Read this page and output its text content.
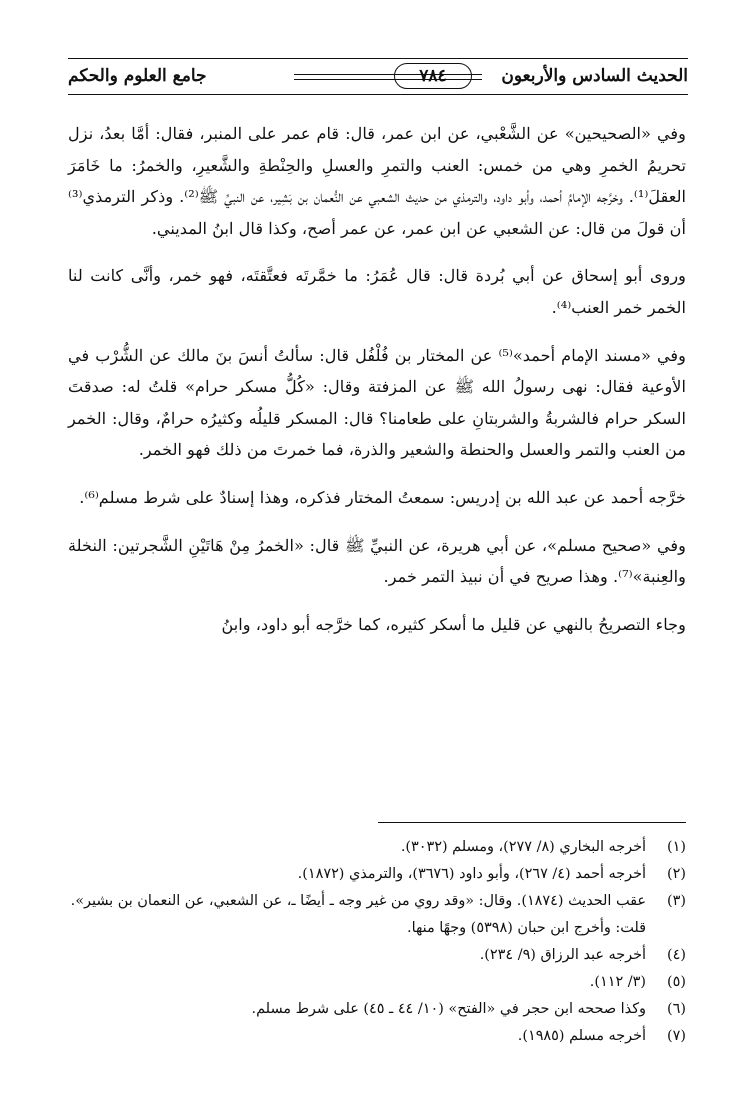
الحديث السادس والأربعون
٧٨٤
جامع العلوم والحكم

وفي «الصحيحين» عن الشَّعْبي، عن ابن عمر، قال: قام عمر على المنبر، فقال: أمَّا بعدُ، نزل تحريمُ الخمرِ وهي من خمس: العنب والتمرِ والعسلِ والحِنْطةِ والشَّعيرِ، والخمرُ: ما خَامَرَ العقلَ⁽¹⁾. وخرَّجه الإمامُ أحمد، وأبو داود، والترمذي من حديث الشعبي عن النُّعمان بن بَشِير، عن النبيِّ ﷺ⁽²⁾. وذكر الترمذي⁽³⁾ أن قولَ من قال: عن الشعبي عن ابن عمر، عن عمر أصح، وكذا قال ابنُ المديني.

وروى أبو إسحاق عن أبي بُردة قال: قال عُمَرُ: ما خمَّرتَه فعتَّقتَه، فهو خمر، وأنَّى كانت لنا الخمر خمر العنب⁽⁴⁾.

وفي «مسند الإمام أحمد»⁽⁵⁾ عن المختار بن فُلْفُل قال: سألتُ أنسَ بنَ مالك عن الشُّرْب في الأوعية فقال: نهى رسولُ الله ﷺ عن المزفتة وقال: «كُلُّ مسكر حرام» قلتُ له: صدقتَ السكر حرام فالشربةُ والشربتانِ على طعامنا؟ قال: المسكر قليلُه وكثيرُه حرامٌ، وقال: الخمر من العنب والتمر والعسل والحنطة والشعير والذرة، فما خمرتَ من ذلك فهو الخمر.

خرَّجه أحمد عن عبد الله بن إدريس: سمعتُ المختار فذكره، وهذا إسنادٌ على شرط مسلم⁽⁶⁾.

وفي «صحيح مسلم»، عن أبي هريرة، عن النبيِّ ﷺ قال: «الخمرُ مِنْ هَاتَيْنِ الشَّجرتين: النخلة والعِنبة»⁽⁷⁾. وهذا صريح في أن نبيذ التمر خمر.

وجاء التصريحُ بالنهي عن قليل ما أسكر كثيره، كما خرَّجه أبو داود، وابنُ

(١)
أخرجه البخاري (٨/ ٢٧٧)، ومسلم (٣٠٣٢).
(٢)
أخرجه أحمد (٤/ ٢٦٧)، وأبو داود (٣٦٧٦)، والترمذي (١٨٧٢).
(٣)
عقب الحديث (١٨٧٤). وقال: «وقد روي من غير وجه ـ أيضًا ـ، عن الشعبي، عن النعمان بن بشير».
قلت: وأخرج ابن حبان (٥٣٩٨) وجهًا منها.
(٤)
أخرجه عبد الرزاق (٩/ ٢٣٤).
(٥)
(٣/ ١١٢).
(٦)
وكذا صححه ابن حجر في «الفتح» (١٠/ ٤٤ ـ ٤٥) على شرط مسلم.
(٧)
أخرجه مسلم (١٩٨٥).
